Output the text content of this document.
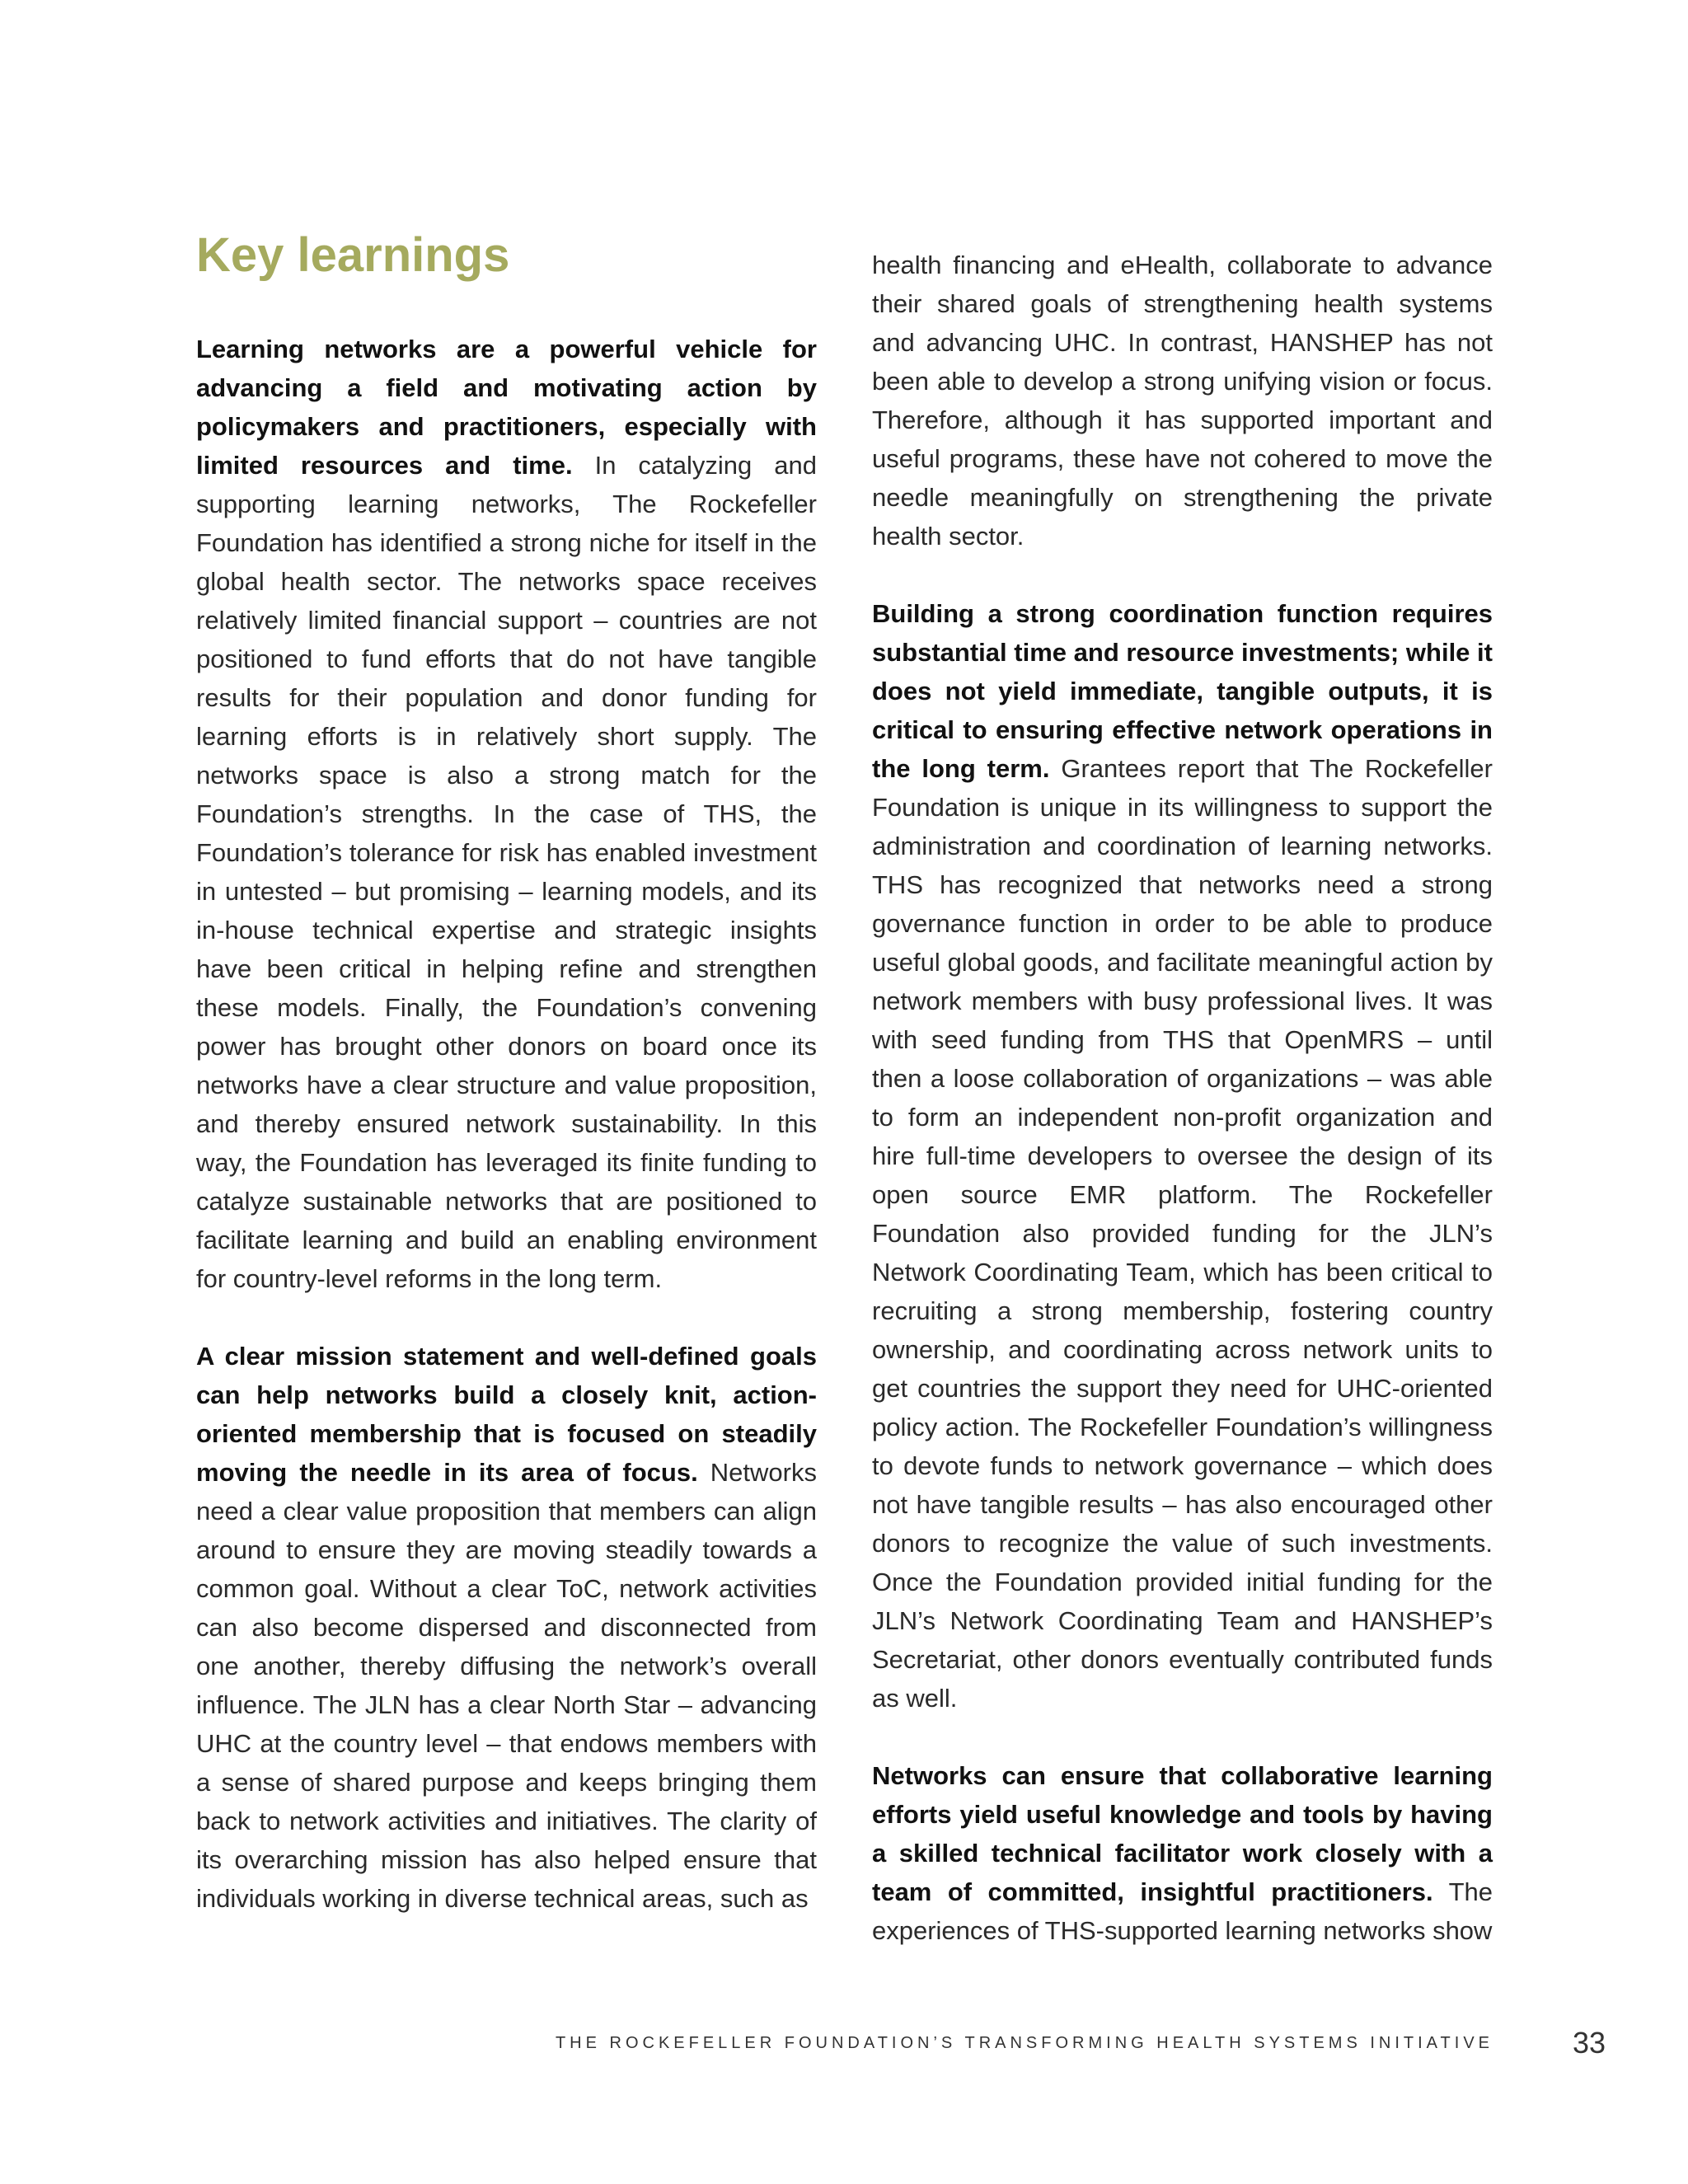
Key learnings

Learning networks are a powerful vehicle for advancing a field and motivating action by policymakers and practitioners, especially with limited resources and time. In catalyzing and supporting learning networks, The Rockefeller Foundation has identified a strong niche for itself in the global health sector. The networks space receives relatively limited financial support – countries are not positioned to fund efforts that do not have tangible results for their population and donor funding for learning efforts is in relatively short supply. The networks space is also a strong match for the Foundation’s strengths. In the case of THS, the Foundation’s tolerance for risk has enabled investment in untested – but promising – learning models, and its in-house technical expertise and strategic insights have been critical in helping refine and strengthen these models. Finally, the Foundation’s convening power has brought other donors on board once its networks have a clear structure and value proposition, and thereby ensured network sustainability. In this way, the Foundation has leveraged its finite funding to catalyze sustainable networks that are positioned to facilitate learning and build an enabling environment for country-level reforms in the long term.

A clear mission statement and well-defined goals can help networks build a closely knit, action-oriented membership that is focused on steadily moving the needle in its area of focus. Networks need a clear value proposition that members can align around to ensure they are moving steadily towards a common goal. Without a clear ToC, network activities can also become dispersed and disconnected from one another, thereby diffusing the network’s overall influence. The JLN has a clear North Star – advancing UHC at the country level – that endows members with a sense of shared purpose and keeps bringing them back to network activities and initiatives. The clarity of its overarching mission has also helped ensure that individuals working in diverse technical areas, such as

health financing and eHealth, collaborate to advance their shared goals of strengthening health systems and advancing UHC. In contrast, HANSHEP has not been able to develop a strong unifying vision or focus. Therefore, although it has supported important and useful programs, these have not cohered to move the needle meaningfully on strengthening the private health sector.

Building a strong coordination function requires substantial time and resource investments; while it does not yield immediate, tangible outputs, it is critical to ensuring effective network operations in the long term. Grantees report that The Rockefeller Foundation is unique in its willingness to support the administration and coordination of learning networks. THS has recognized that networks need a strong governance function in order to be able to produce useful global goods, and facilitate meaningful action by network members with busy professional lives. It was with seed funding from THS that OpenMRS – until then a loose collaboration of organizations – was able to form an independent non-profit organization and hire full-time developers to oversee the design of its open source EMR platform. The Rockefeller Foundation also provided funding for the JLN’s Network Coordinating Team, which has been critical to recruiting a strong membership, fostering country ownership, and coordinating across network units to get countries the support they need for UHC-oriented policy action. The Rockefeller Foundation’s willingness to devote funds to network governance – which does not have tangible results – has also encouraged other donors to recognize the value of such investments. Once the Foundation provided initial funding for the JLN’s Network Coordinating Team and HANSHEP’s Secretariat, other donors eventually contributed funds as well.

Networks can ensure that collaborative learning efforts yield useful knowledge and tools by having a skilled technical facilitator work closely with a team of committed, insightful practitioners. The experiences of THS-supported learning networks show

THE ROCKEFELLER FOUNDATION’S TRANSFORMING HEALTH SYSTEMS INITIATIVE	33
